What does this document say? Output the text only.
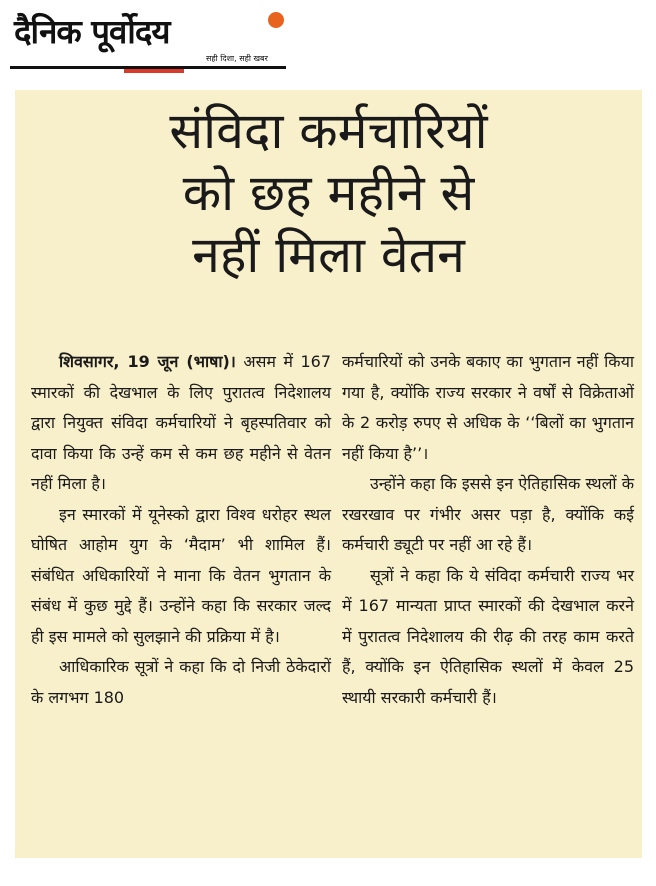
दैनिक पूर्वोदय
सही दिशा, सही खबर
संविदा कर्मचारियों
को छह महीने से
नहीं मिला वेतन

शिवसागर, 19 जून (भाषा)। असम में 167 स्मारकों की देखभाल के लिए पुरातत्व निदेशालय द्वारा नियुक्त संविदा कर्मचारियों ने बृहस्पतिवार को दावा किया कि उन्हें कम से कम छह महीने से वेतन नहीं मिला है।

इन स्मारकों में यूनेस्को द्वारा विश्व धरोहर स्थल घोषित आहोम युग के ‘मैदाम’ भी शामिल हैं। संबंधित अधिकारियों ने माना कि वेतन भुगतान के संबंध में कुछ मुद्दे हैं। उन्होंने कहा कि सरकार जल्द ही इस मामले को सुलझाने की प्रक्रिया में है।

आधिकारिक सूत्रों ने कहा कि दो निजी ठेकेदारों के लगभग 180

कर्मचारियों को उनके बकाए का भुगतान नहीं किया गया है, क्योंकि राज्य सरकार ने वर्षों से विक्रेताओं के 2 करोड़ रुपए से अधिक के ‘‘बिलों का भुगतान नहीं किया है’’।

उन्होंने कहा कि इससे इन ऐतिहासिक स्थलों के रखरखाव पर गंभीर असर पड़ा है, क्योंकि कई कर्मचारी ड्यूटी पर नहीं आ रहे हैं।

सूत्रों ने कहा कि ये संविदा कर्मचारी राज्य भर में 167 मान्यता प्राप्त स्मारकों की देखभाल करने में पुरातत्व निदेशालय की रीढ़ की तरह काम करते हैं, क्योंकि इन ऐतिहासिक स्थलों में केवल 25 स्थायी सरकारी कर्मचारी हैं।
